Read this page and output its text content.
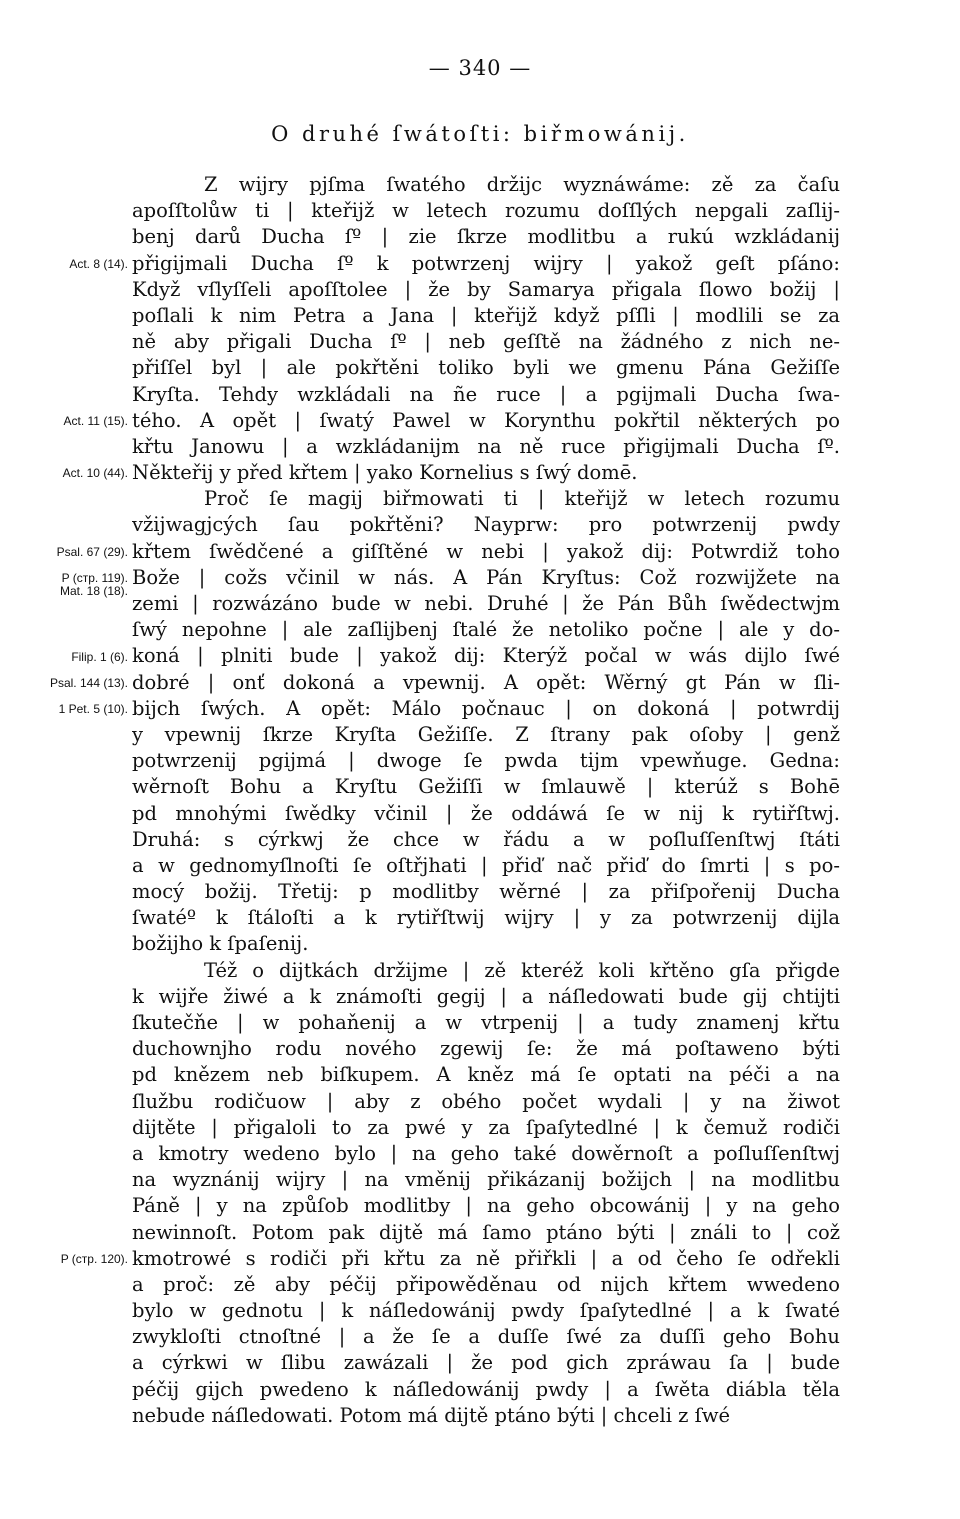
— 340 —
O druhé ſwátoſti: biřmowánij.
Act. 8 (14).
Act. 11 (15).
Act. 10 (44).
Psal. 67 (29).
P (стр. 119).
Mat. 18 (18).
Filip. 1 (6).
Psal. 144 (13).
1 Pet. 5 (10).
P (стр. 120).
Z wijry pjſma ſwatého držijc wyznáwáme: zě za čaſu
apoſſtolůw ti | kteřijž w letech rozumu doſſlých nepgali zaſlij-
benj darů Ducha ſº | zie ſkrze modlitbu a rukú wzkládanij
přigijmali Ducha ſº k potwrzenj wijry | yakož geſt pſáno:
Když vſlyſſeli apoſſtolee | že by Samarya přigala ſlowo božij |
poſlali k nim Petra a Jana | kteřijž když pſſli | modlili se za
ně aby přigali Ducha ſº | neb geſſtě na žádného z nich ne-
přiſſel byl | ale pokřtěni toliko byli we gmenu Pána Gežiſſe
Kryſta. Tehdy wzkládali na ñe ruce | a pgijmali Ducha ſwa-
tého. A opět | ſwatý Pawel w Korynthu pokřtil některých po
křtu Janowu | a wzkládanijm na ně ruce přigijmali Ducha ſº.
Někteřij y před křtem | yako Kornelius s ſwý domē.
Proč ſe magij biřmowati ti | kteřijž w letech rozumu
vžijwagjcých ſau pokřtěni? Nayprw: pro potwrzenij pwdy
křtem ſwědčené a giſſtěné w nebi | yakož dij: Potwrdiž toho
Bože | cožs včinil w nás. A Pán Kryſtus: Což rozwijžete na
zemi | rozwázáno bude w nebi. Druhé | že Pán Bůh ſwědectwjm
ſwý nepohne | ale zaſlijbenj ſtalé že netoliko počne | ale y do-
koná | plniti bude | yakož dij: Kterýž počal w wás dijlo ſwé
dobré | onť dokoná a vpewnij. A opět: Wěrný gt Pán w ſli-
bijch ſwých. A opět: Málo počnauc | on dokoná | potwrdij
y vpewnij ſkrze Kryſta Gežiſſe. Z ſtrany pak oſoby | genž
potwrzenij pgijmá | dwoge ſe pwda tijm vpewňuge. Gedna:
wěrnoſt Bohu a Kryſtu Gežiſſi w ſmlauwě | kterúž s Bohē
pd mnohými ſwědky včinil | že oddáwá ſe w nij k rytiřſtwj.
Druhá: s cýrkwj že chce w řádu a w poſluſſenſtwj ſtáti
a w gednomyſlnoſti ſe oſtřjhati | přiď nač přiď do ſmrti | s po-
mocý božij. Třetij: p modlitby wěrné | za přiſpořenij Ducha
ſwatéº k ſtáloſti a k rytiřſtwij wijry | y za potwrzenij dijla
božijho k ſpaſenij.
Též o dijtkách držijme | zě kteréž koli křtěno gſa přigde
k wijře žiwé a k známoſti gegij | a náſledowati bude gij chtijti
ſkutečňe | w pohaňenij a w vtrpenij | a tudy znamenj křtu
duchownjho rodu nového zgewij ſe: že má poſtaweno býti
pd knězem neb biſkupem. A kněz má ſe optati na péči a na
ſlužbu rodičuow | aby z obého počet wydali | y na žiwot
dijtěte | přigaloli to za pwé y za ſpaſytedlné | k čemuž rodiči
a kmotry wedeno bylo | na geho také dowěrnoſt a poſluſſenſtwj
na wyznánij wijry | na vměnij přikázanij božijch | na modlitbu
Páně | y na způſob modlitby | na geho obcowánij | y na geho
newinnoſt. Potom pak dijtě má ſamo ptáno býti | ználi to | což
kmotrowé s rodiči při křtu za ně přiřkli | a od čeho ſe odřekli
a proč: zě aby péčij připowěděnau od nijch křtem wwedeno
bylo w gednotu | k náſledowánij pwdy ſpaſytedlné | a k ſwaté
zwykloſti ctnoſtné | a že ſe a duſſe ſwé za duſſi geho Bohu
a cýrkwi w ſlibu zawázali | že pod gich zpráwau ſa | bude
péčij gijch pwedeno k náſledowánij pwdy | a ſwěta diábla těla
nebude náſledowati. Potom má dijtě ptáno býti | chceli z ſwé
